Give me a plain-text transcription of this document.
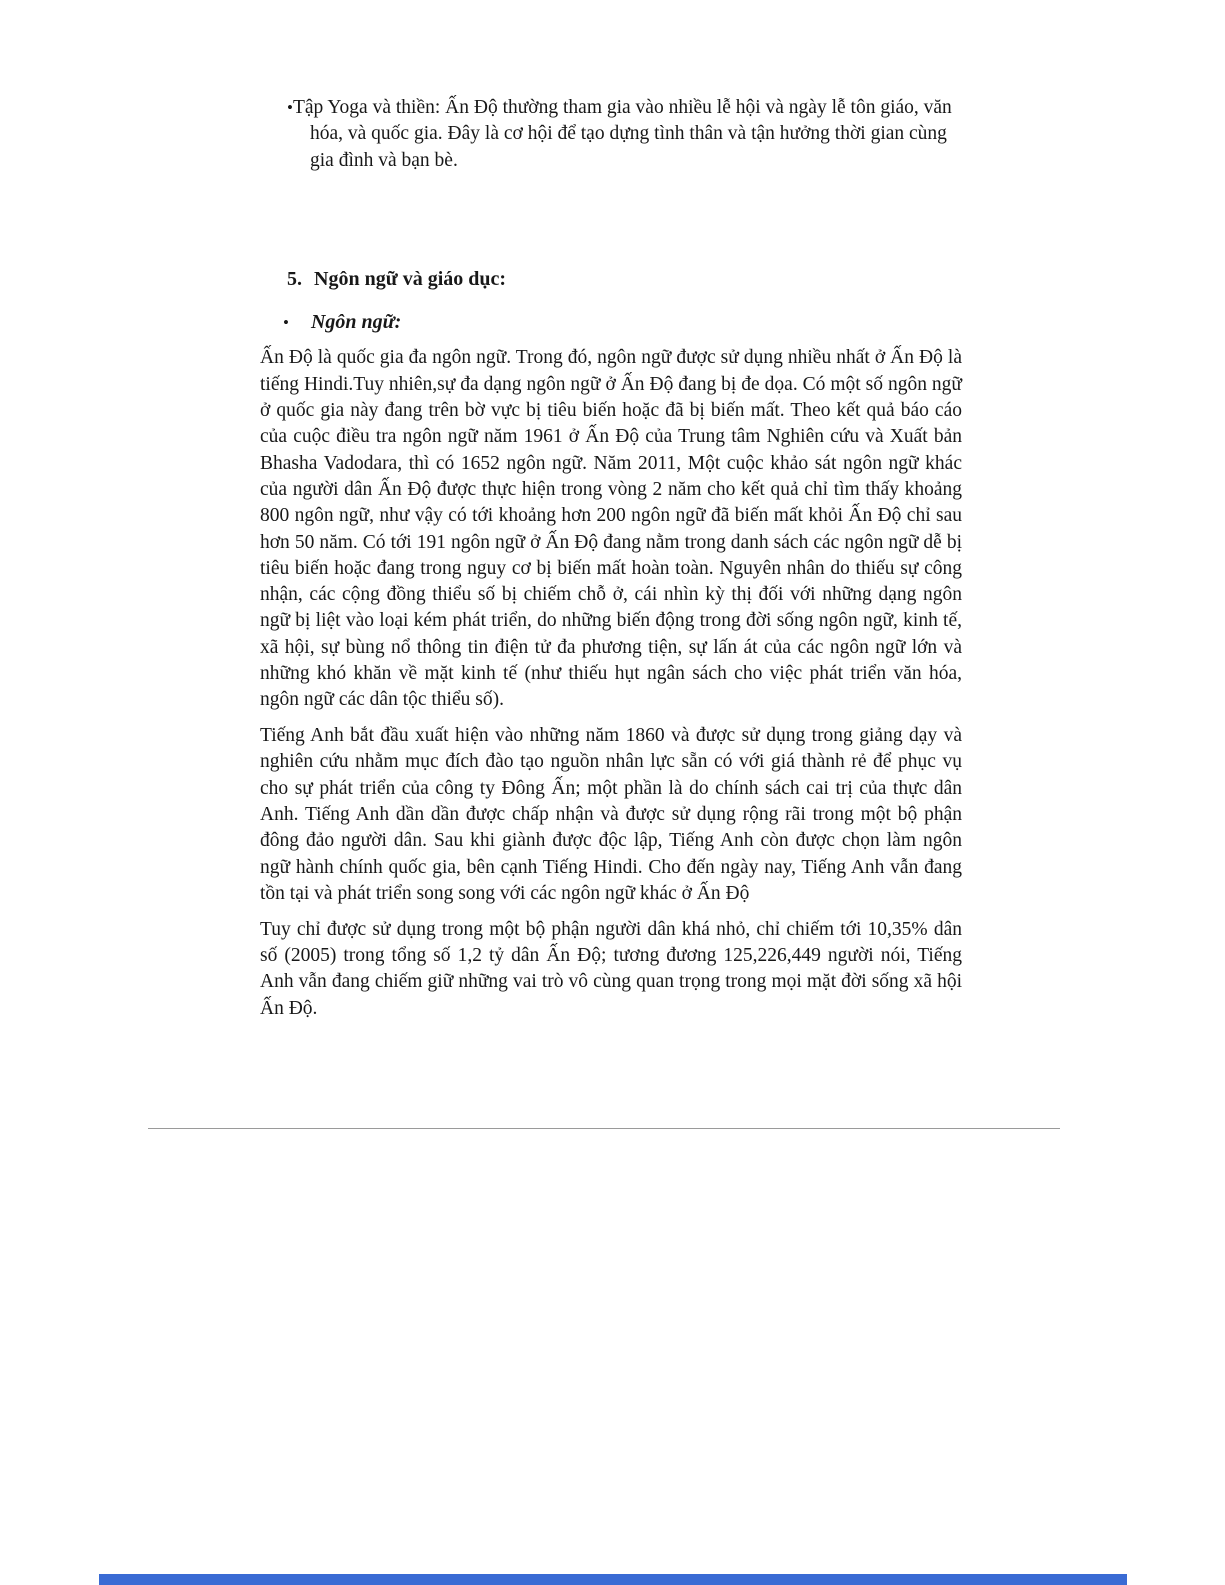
•Tập Yoga và thiền: Ấn Độ thường tham gia vào nhiều lễ hội và ngày lễ tôn giáo, văn hóa, và quốc gia. Đây là cơ hội để tạo dựng tình thân và tận hưởng thời gian cùng gia đình và bạn bè.

5. Ngôn ngữ và giáo dục:

• Ngôn ngữ:

Ấn Độ là quốc gia đa ngôn ngữ. Trong đó, ngôn ngữ được sử dụng nhiều nhất ở Ấn Độ là tiếng Hindi.Tuy nhiên,sự đa dạng ngôn ngữ ở Ấn Độ đang bị đe dọa. Có một số ngôn ngữ ở quốc gia này đang trên bờ vực bị tiêu biến hoặc đã bị biến mất. Theo kết quả báo cáo của cuộc điều tra ngôn ngữ năm 1961 ở Ấn Độ của Trung tâm Nghiên cứu và Xuất bản Bhasha Vadodara, thì có 1652 ngôn ngữ. Năm 2011, Một cuộc khảo sát ngôn ngữ khác của người dân Ấn Độ được thực hiện trong vòng 2 năm cho kết quả chỉ tìm thấy khoảng 800 ngôn ngữ, như vậy có tới khoảng hơn 200 ngôn ngữ đã biến mất khỏi Ấn Độ chỉ sau hơn 50 năm. Có tới 191 ngôn ngữ ở Ấn Độ đang nằm trong danh sách các ngôn ngữ dễ bị tiêu biến hoặc đang trong nguy cơ bị biến mất hoàn toàn. Nguyên nhân do thiếu sự công nhận, các cộng đồng thiểu số bị chiếm chỗ ở, cái nhìn kỳ thị đối với những dạng ngôn ngữ bị liệt vào loại kém phát triển, do những biến động trong đời sống ngôn ngữ, kinh tế, xã hội, sự bùng nổ thông tin điện tử đa phương tiện, sự lấn át của các ngôn ngữ lớn và những khó khăn về mặt kinh tế (như thiếu hụt ngân sách cho việc phát triển văn hóa, ngôn ngữ các dân tộc thiểu số).

Tiếng Anh bắt đầu xuất hiện vào những năm 1860 và được sử dụng trong giảng dạy và nghiên cứu nhằm mục đích đào tạo nguồn nhân lực sẵn có với giá thành rẻ để phục vụ cho sự phát triển của công ty Đông Ấn; một phần là do chính sách cai trị của thực dân Anh. Tiếng Anh dần dần được chấp nhận và được sử dụng rộng rãi trong một bộ phận đông đảo người dân. Sau khi giành được độc lập, Tiếng Anh còn được chọn làm ngôn ngữ hành chính quốc gia, bên cạnh Tiếng Hindi. Cho đến ngày nay, Tiếng Anh vẫn đang tồn tại và phát triển song song với các ngôn ngữ khác ở Ấn Độ

Tuy chỉ được sử dụng trong một bộ phận người dân khá nhỏ, chỉ chiếm tới 10,35% dân số (2005) trong tổng số 1,2 tỷ dân Ấn Độ; tương đương 125,226,449 người nói, Tiếng Anh vẫn đang chiếm giữ những vai trò vô cùng quan trọng trong mọi mặt đời sống xã hội Ấn Độ.
